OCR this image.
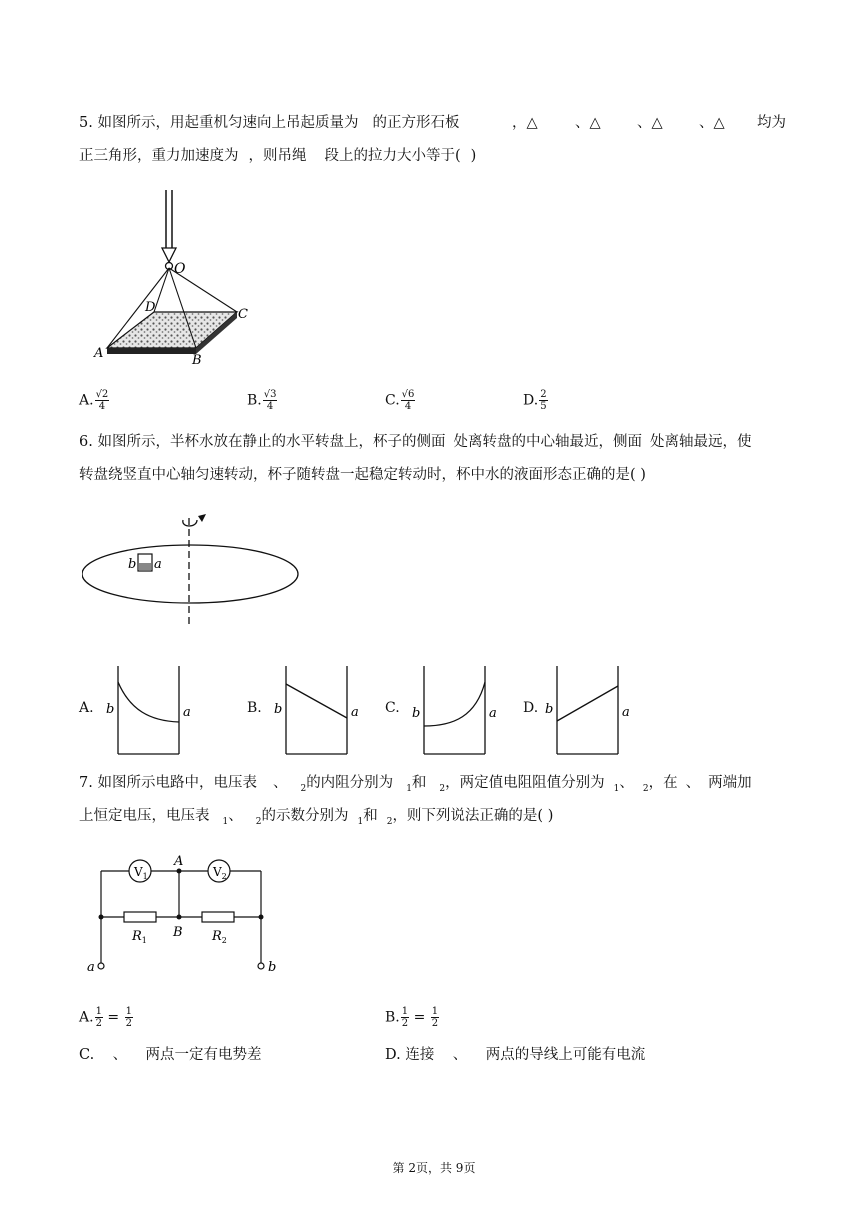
5. 如图所示，用起重机匀速向上吊起质量为 的正方形石板	，△	、△	、△	、△ 均为
正三角形，重力加速度为 ，则吊绳 段上的拉力大小等于( )
O
D	C
A	B
A. $\frac{√2}{4}$	B. $\frac{√3}{4}$	C. $\frac{√6}{4}$	D. $\frac{2}{5}$
6. 如图所示，半杯水放在静止的水平转盘上，杯子的侧面 处离转盘的中心轴最近，侧面 处离轴最远，使
转盘绕竖直中心轴匀速转动，杯子随转盘一起稳定转动时，杯中水的液面形态正确的是( )
b a
A. b	a	B. b	a C. b	a D. b	a
7. 如图所示电路中，电压表 、 $_2$的内阻分别为 $_1$和 $_2$，两定值电阻阻值分别为 $_1$、 $_2$，在 、 两端加
上恒定电压，电压表 $_1$、 $_2$的示数分别为 $_1$和 $_2$，则下列说法正确的是( )
$V_1$	$V_2$
A
B
$R_1$	$R_2$
a	b
A. $\frac{1}{2} = \frac{1}{2}$	B. $\frac{1}{2} = \frac{1}{2}$
C.    、    两点一定有电势差	D. 连接    、    两点的导线上可能有电流
第 2页，共 9页
